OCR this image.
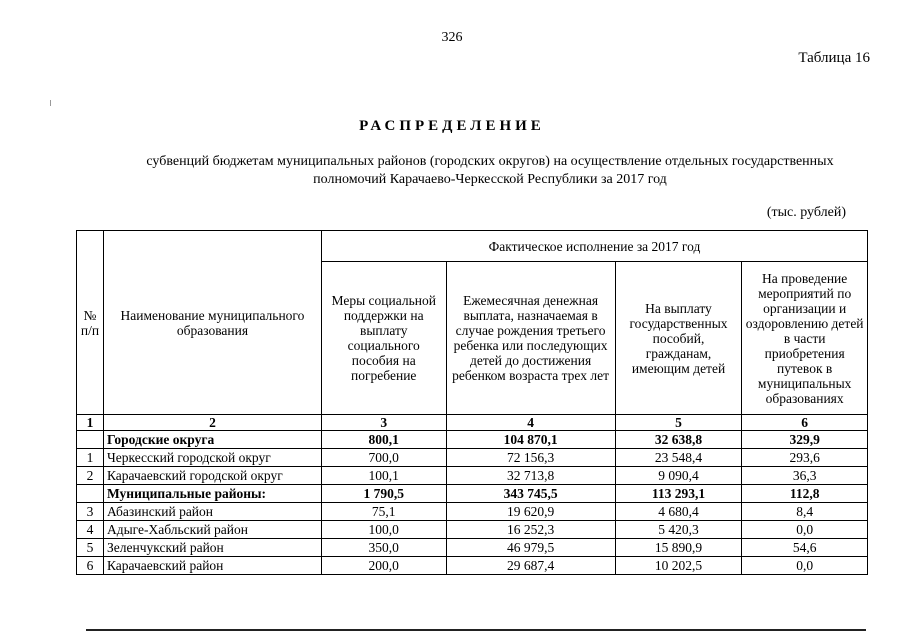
326
Таблица 16
РАСПРЕДЕЛЕНИЕ
субвенций бюджетам муниципальных районов (городских округов) на осуществление отдельных государственных полномочий Карачаево-Черкесской Республики за 2017 год
(тыс. рублей)
№ п/п	Наименование муниципального образования	Фактическое исполнение за 2017 год			
		Меры социальной поддержки на выплату социального пособия на погребение	Ежемесячная денежная выплата, назначаемая в случае рождения третьего ребенка или последующих детей до достижения ребенком возраста трех лет	На выплату государственных пособий, гражданам, имеющим детей	На проведение мероприятий по организации и оздоровлению детей в части приобретения путевок в муниципальных образованиях
1	2	3	4	5	6
	Городские округа	800,1	104 870,1	32 638,8	329,9
1	Черкесский городской округ	700,0	72 156,3	23 548,4	293,6
2	Карачаевский городской округ	100,1	32 713,8	9 090,4	36,3
	Муниципальные районы:	1 790,5	343 745,5	113 293,1	112,8
3	Абазинский район	75,1	19 620,9	4 680,4	8,4
4	Адыге-Хабльский район	100,0	16 252,3	5 420,3	0,0
5	Зеленчукский район	350,0	46 979,5	15 890,9	54,6
6	Карачаевский район	200,0	29 687,4	10 202,5	0,0
